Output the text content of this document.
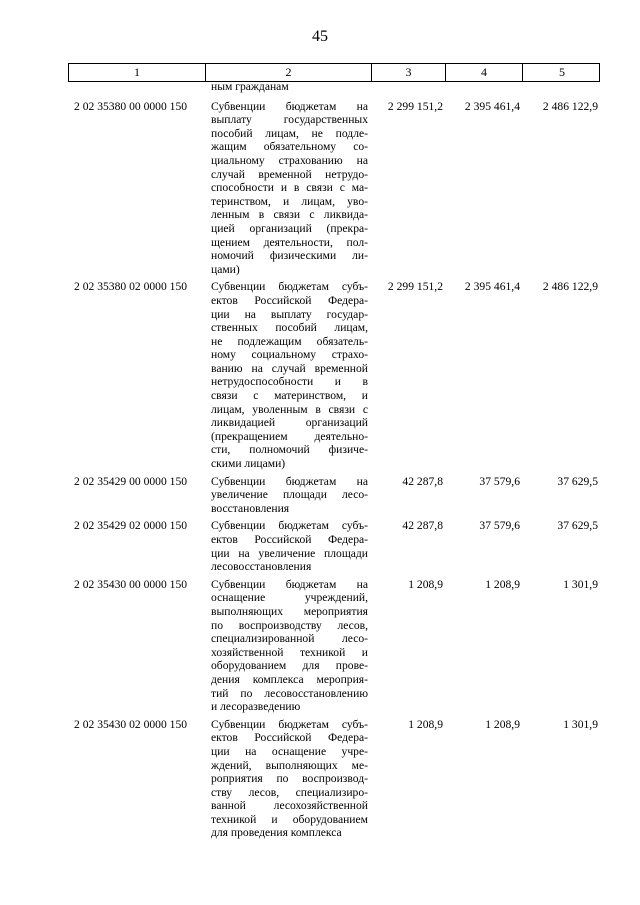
45
1	2	3	4	5
ным гражданам
2 02 35380 00 0000 150	Субвенции бюджетам на
выплату государственных
пособий лицам, не подле-
жащим обязательному со-
циальному страхованию на
случай временной нетрудо-
способности и в связи с ма-
теринством, и лицам, уво-
ленным в связи с ликвида-
цией организаций (прекра-
щением деятельности, пол-
номочий физическими ли-
цами)
2 299 151,2	2 395 461,4	2 486 122,9
2 02 35380 02 0000 150	Субвенции бюджетам субъ-
ектов Российской Федера-
ции на выплату государ-
ственных пособий лицам,
не подлежащим обязатель-
ному социальному страхо-
ванию на случай временной
нетрудоспособности и в
связи с материнством, и
лицам, уволенным в связи с
ликвидацией организаций
(прекращением деятельно-
сти, полномочий физиче-
скими лицами)
2 299 151,2	2 395 461,4	2 486 122,9
2 02 35429 00 0000 150	Субвенции бюджетам на
увеличение площади лесо-
восстановления
42 287,8	37 579,6	37 629,5
2 02 35429 02 0000 150	Субвенции бюджетам субъ-
ектов Российской Федера-
ции на увеличение площади
лесовосстановления
42 287,8	37 579,6	37 629,5
2 02 35430 00 0000 150	Субвенции бюджетам на
оснащение учреждений,
выполняющих мероприятия
по воспроизводству лесов,
специализированной лесо-
хозяйственной техникой и
оборудованием для прове-
дения комплекса мероприя-
тий по лесовосстановлению
и лесоразведению
1 208,9	1 208,9	1 301,9
2 02 35430 02 0000 150	Субвенции бюджетам субъ-
ектов Российской Федера-
ции на оснащение учре-
ждений, выполняющих ме-
роприятия по воспроизвод-
ству лесов, специализиро-
ванной лесохозяйственной
техникой и оборудованием
для проведения комплекса
1 208,9	1 208,9	1 301,9
